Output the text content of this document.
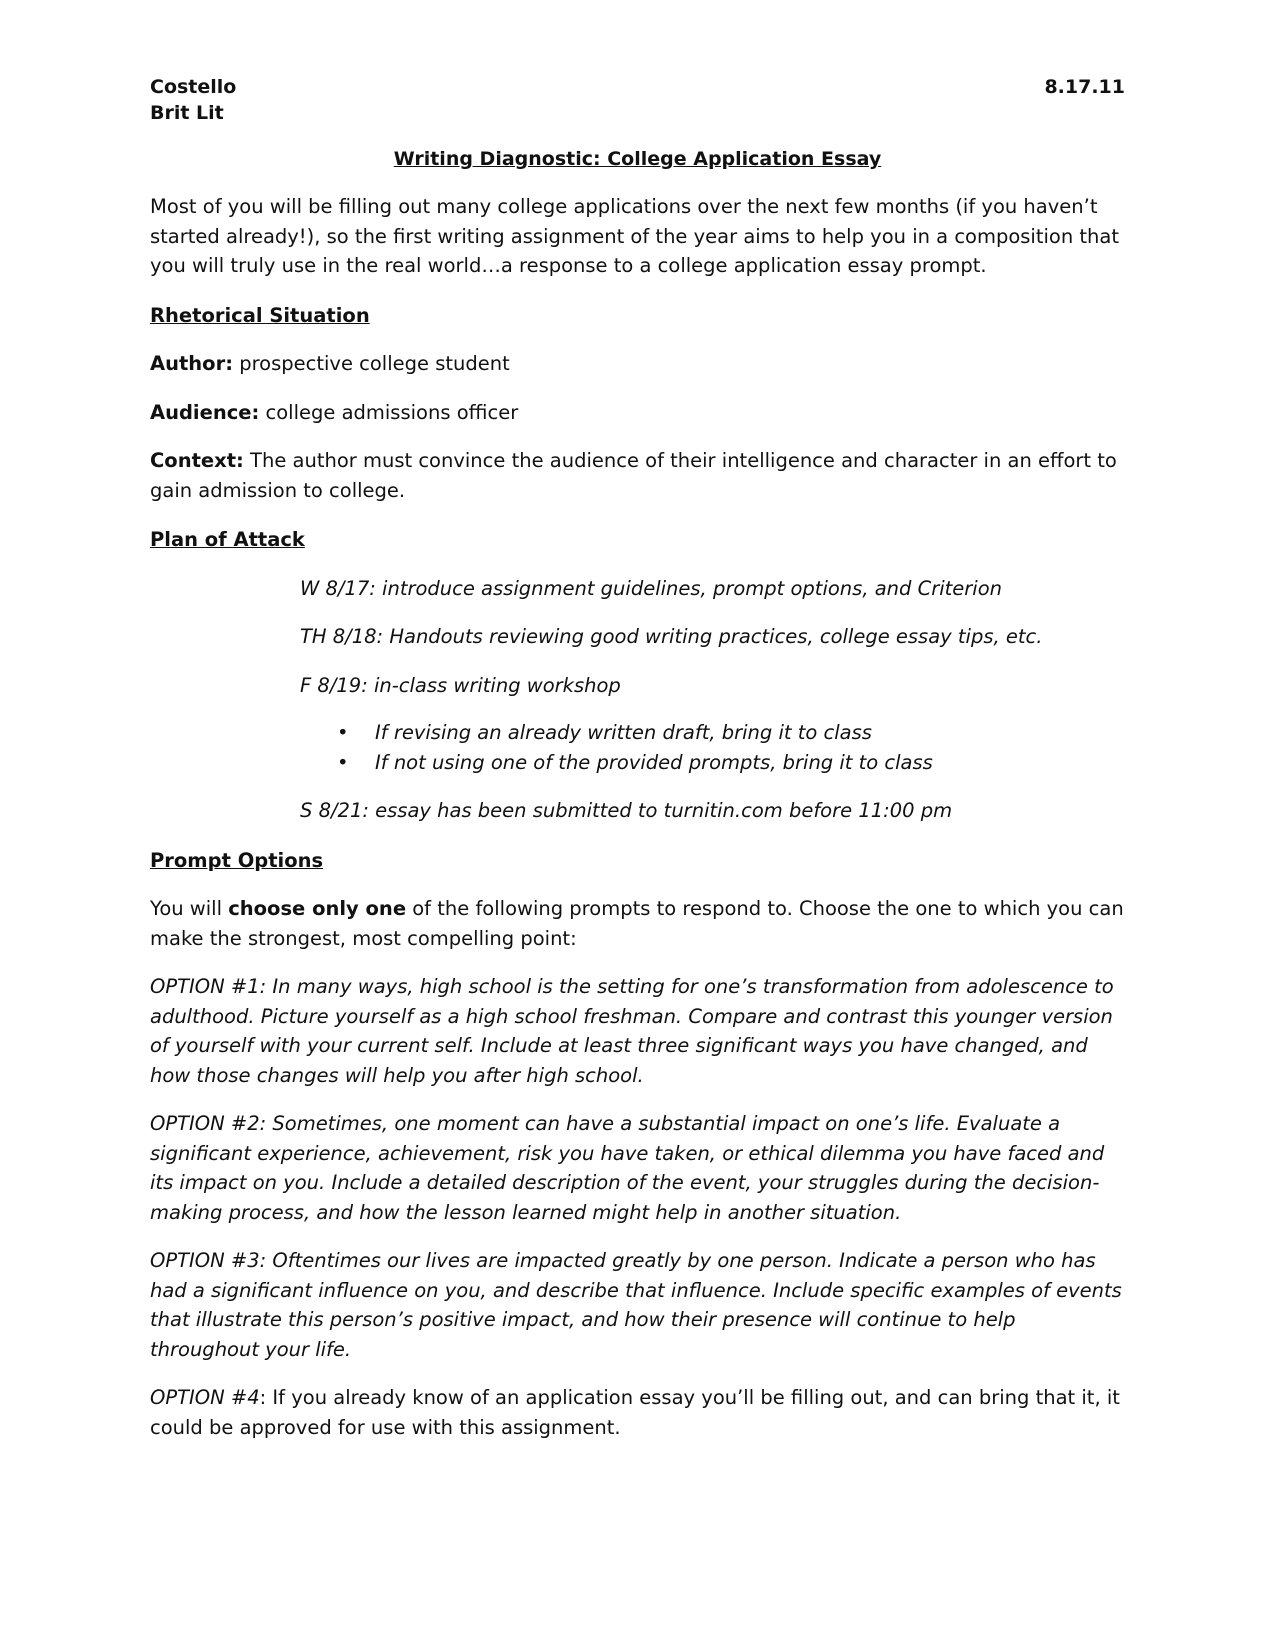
Costello	8.17.11
Brit Lit
Writing Diagnostic: College Application Essay

Most of you will be filling out many college applications over the next few months (if you haven’t started already!), so the first writing assignment of the year aims to help you in a composition that you will truly use in the real world…a response to a college application essay prompt.

Rhetorical Situation

Author: prospective college student

Audience: college admissions officer

Context: The author must convince the audience of their intelligence and character in an effort to gain admission to college.

Plan of Attack

W 8/17: introduce assignment guidelines, prompt options, and Criterion

TH 8/18: Handouts reviewing good writing practices, college essay tips, etc.

F 8/19: in-class writing workshop

• If revising an already written draft, bring it to class
• If not using one of the provided prompts, bring it to class

S 8/21: essay has been submitted to turnitin.com before 11:00 pm

Prompt Options

You will choose only one of the following prompts to respond to. Choose the one to which you can make the strongest, most compelling point:

OPTION #1: In many ways, high school is the setting for one’s transformation from adolescence to adulthood. Picture yourself as a high school freshman. Compare and contrast this younger version of yourself with your current self. Include at least three significant ways you have changed, and how those changes will help you after high school.

OPTION #2: Sometimes, one moment can have a substantial impact on one’s life. Evaluate a significant experience, achievement, risk you have taken, or ethical dilemma you have faced and its impact on you. Include a detailed description of the event, your struggles during the decision-making process, and how the lesson learned might help in another situation.

OPTION #3: Oftentimes our lives are impacted greatly by one person. Indicate a person who has had a significant influence on you, and describe that influence. Include specific examples of events that illustrate this person’s positive impact, and how their presence will continue to help throughout your life.

OPTION #4: If you already know of an application essay you’ll be filling out, and can bring that it, it could be approved for use with this assignment.
